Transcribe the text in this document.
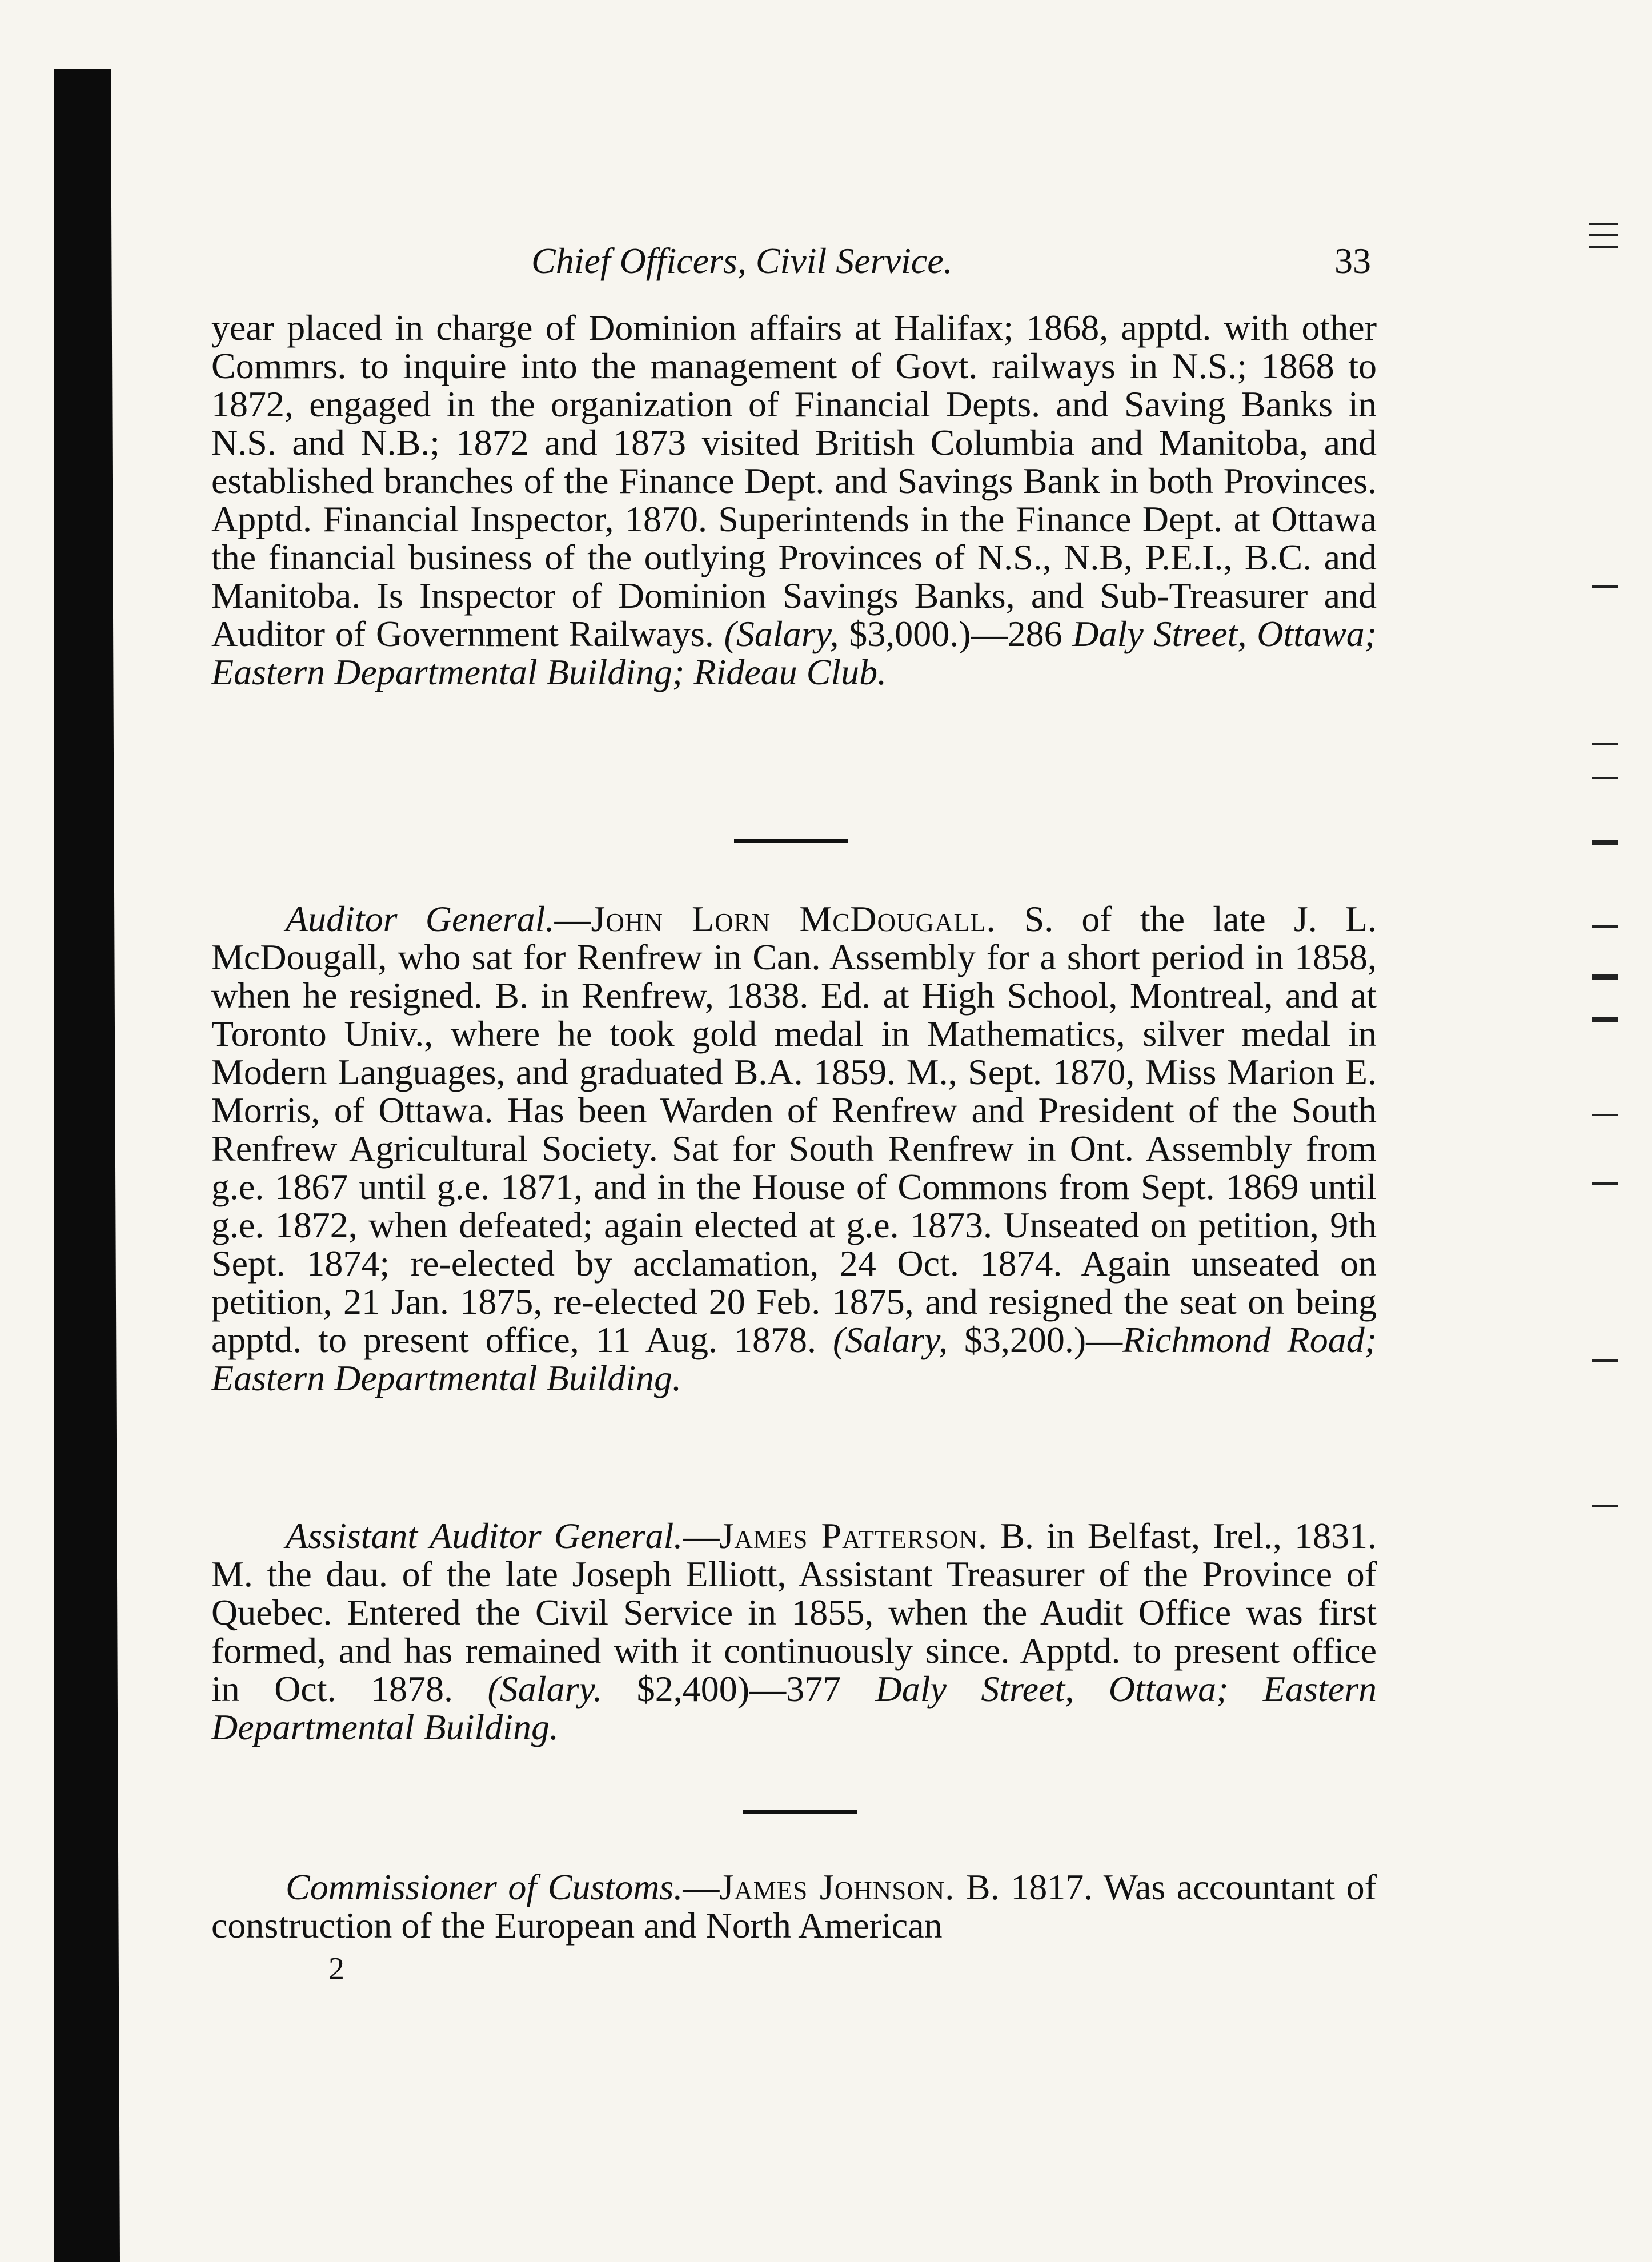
Chief Officers, Civil Service.	33

year placed in charge of Dominion affairs at Halifax; 1868, apptd. with other Commrs. to inquire into the management of Govt. railways in N.S.; 1868 to 1872, engaged in the organization of Financial Depts. and Saving Banks in N.S. and N.B.; 1872 and 1873 visited British Columbia and Manitoba, and established branches of the Finance Dept. and Savings Bank in both Provinces. Apptd. Financial Inspector, 1870. Superintends in the Finance Dept. at Ottawa the financial business of the outlying Provinces of N.S., N.B, P.E.I., B.C. and Manitoba. Is Inspector of Dominion Savings Banks, and Sub-Treasurer and Auditor of Government Railways. (Salary, $3,000.)—286 Daly Street, Ottawa; Eastern Departmental Building; Rideau Club.

Auditor General.—John Lorn McDougall. S. of the late J. L. McDougall, who sat for Renfrew in Can. Assembly for a short period in 1858, when he resigned. B. in Renfrew, 1838. Ed. at High School, Montreal, and at Toronto Univ., where he took gold medal in Mathematics, silver medal in Modern Languages, and graduated B.A. 1859. M., Sept. 1870, Miss Marion E. Morris, of Ottawa. Has been Warden of Renfrew and President of the South Renfrew Agricultural Society. Sat for South Renfrew in Ont. Assembly from g.e. 1867 until g.e. 1871, and in the House of Commons from Sept. 1869 until g.e. 1872, when defeated; again elected at g.e. 1873. Unseated on petition, 9th Sept. 1874; re-elected by acclamation, 24 Oct. 1874. Again unseated on petition, 21 Jan. 1875, re-elected 20 Feb. 1875, and resigned the seat on being apptd. to present office, 11 Aug. 1878. (Salary, $3,200.)—Richmond Road; Eastern Departmental Building.

Assistant Auditor General.—James Patterson. B. in Belfast, Irel., 1831. M. the dau. of the late Joseph Elliott, Assistant Treasurer of the Province of Quebec. Entered the Civil Service in 1855, when the Audit Office was first formed, and has remained with it continuously since. Apptd. to present office in Oct. 1878. (Salary. $2,400)—377 Daly Street, Ottawa; Eastern Departmental Building.

Commissioner of Customs.—James Johnson. B. 1817. Was accountant of construction of the European and North American

2
